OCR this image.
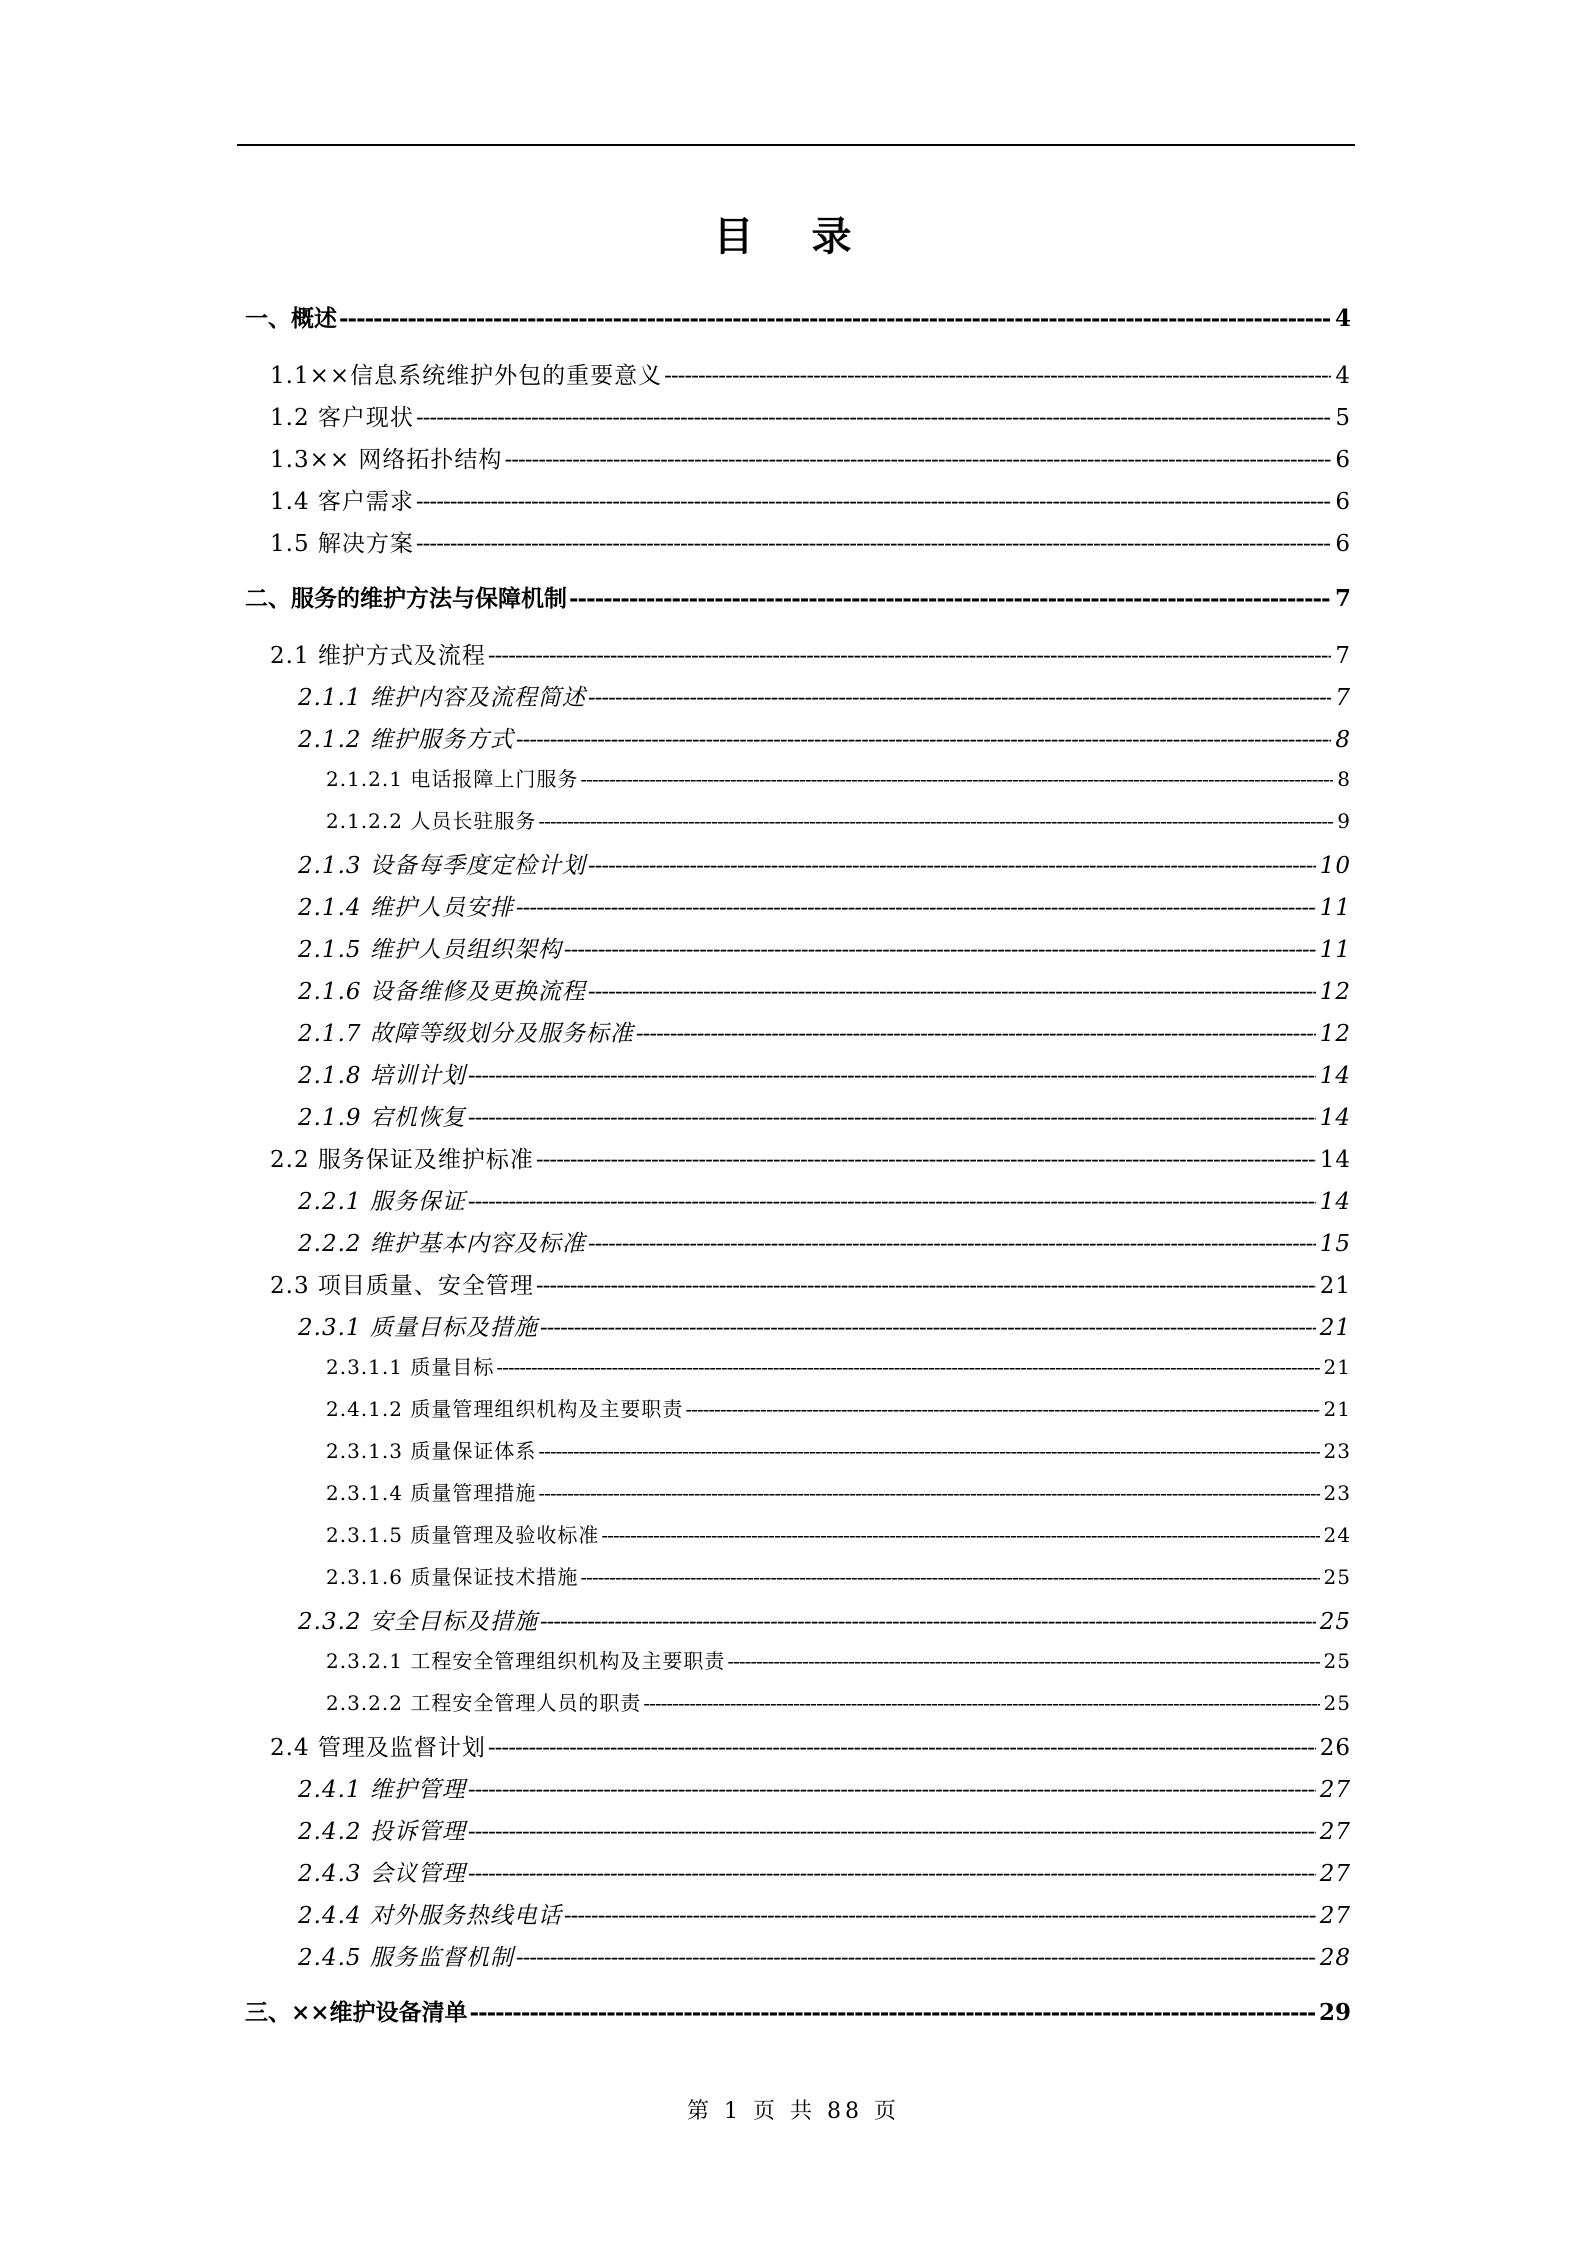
目 录
一、概述 -----	4
1.1××信息系统维护外包的重要意义 -----	4
1.2 客户现状 -----	5
1.3×× 网络拓扑结构 -----	6
1.4 客户需求 -----	6
1.5 解决方案 -----	6
二、服务的维护方法与保障机制 -----	7
2.1 维护方式及流程 -----	7
2.1.1 维护内容及流程简述 -----	7
2.1.2 维护服务方式 -----	8
2.1.2.1 电话报障上门服务 -----	8
2.1.2.2 人员长驻服务 -----	9
2.1.3 设备每季度定检计划 -----	10
2.1.4 维护人员安排 -----	11
2.1.5 维护人员组织架构 -----	11
2.1.6 设备维修及更换流程 -----	12
2.1.7 故障等级划分及服务标准 -----	12
2.1.8 培训计划 -----	14
2.1.9 宕机恢复 -----	14
2.2 服务保证及维护标准 -----	14
2.2.1 服务保证 -----	14
2.2.2 维护基本内容及标准 -----	15
2.3 项目质量、安全管理 -----	21
2.3.1 质量目标及措施 -----	21
2.3.1.1 质量目标 -----	21
2.4.1.2 质量管理组织机构及主要职责 -----	21
2.3.1.3 质量保证体系 -----	23
2.3.1.4 质量管理措施 -----	23
2.3.1.5 质量管理及验收标准 -----	24
2.3.1.6 质量保证技术措施 -----	25
2.3.2 安全目标及措施 -----	25
2.3.2.1 工程安全管理组织机构及主要职责 -----	25
2.3.2.2 工程安全管理人员的职责 -----	25
2.4 管理及监督计划 -----	26
2.4.1 维护管理 -----	27
2.4.2 投诉管理 -----	27
2.4.3 会议管理 -----	27
2.4.4 对外服务热线电话 -----	27
2.4.5 服务监督机制 -----	28
三、××维护设备清单 -----	29
第 1 页 共 88 页
